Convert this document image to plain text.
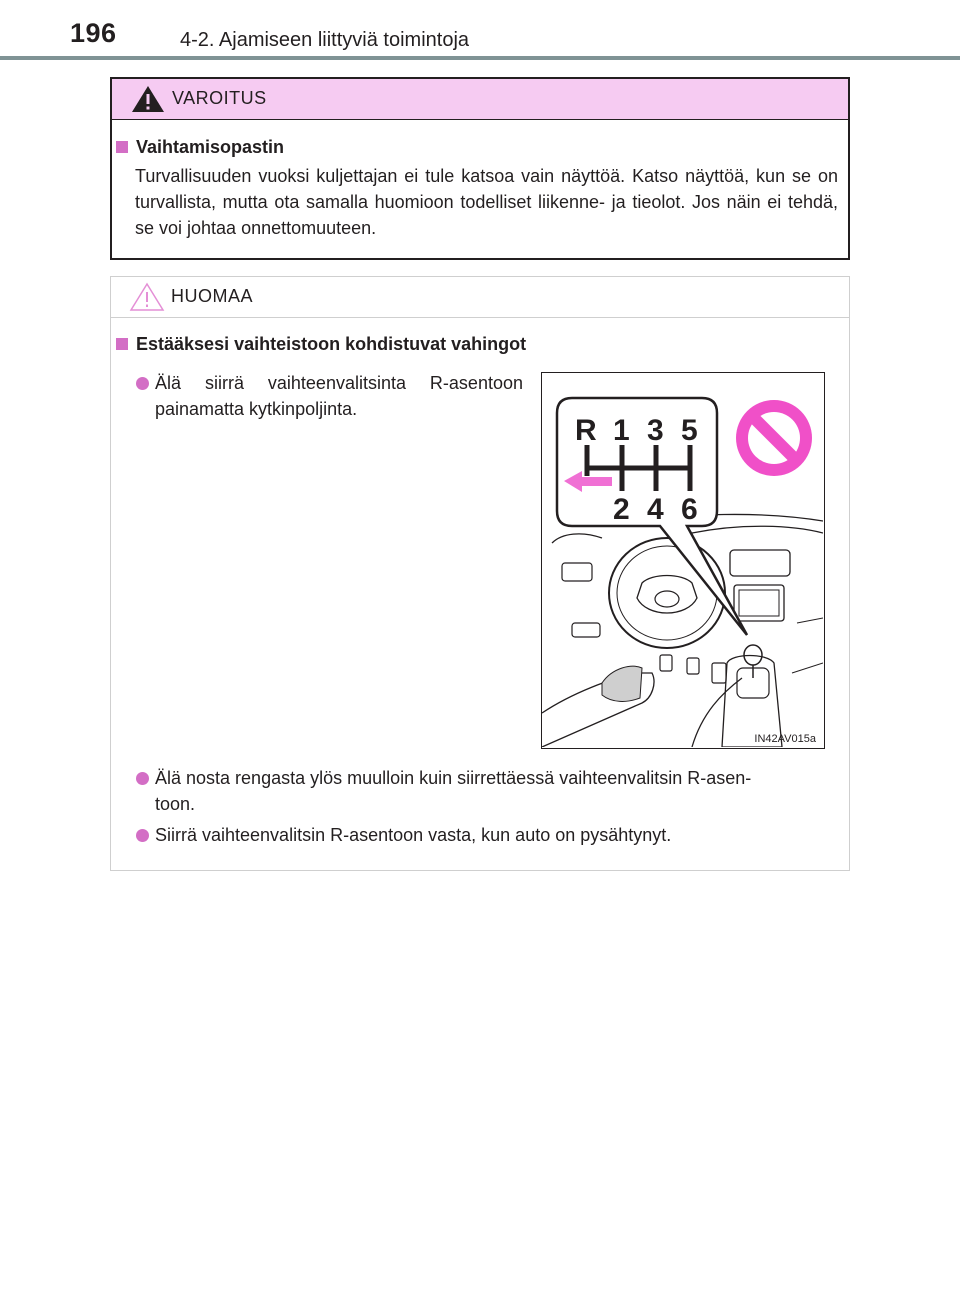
196	4-2. Ajamiseen liittyviä toimintoja
VAROITUS
Vaihtamisopastin
Turvallisuuden vuoksi kuljettajan ei tule katsoa vain näyttöä. Katso näyttöä, kun se on turvallista, mutta ota samalla huomioon todelliset liikenne- ja tieolot. Jos näin ei tehdä, se voi johtaa onnettomuuteen.
HUOMAA
Estääksesi vaihteistoon kohdistuvat vahingot
Älä siirrä vaihteenvalitsinta R-asentoon painamatta kytkinpoljinta.
Älä nosta rengasta ylös muulloin kuin siirrettäessä vaihteenvalitsin R-asen-
toon.
Siirrä vaihteenvalitsin R-asentoon vasta, kun auto on pysähtynyt.
R 1 3 5
2 4 6
IN42AV015a
